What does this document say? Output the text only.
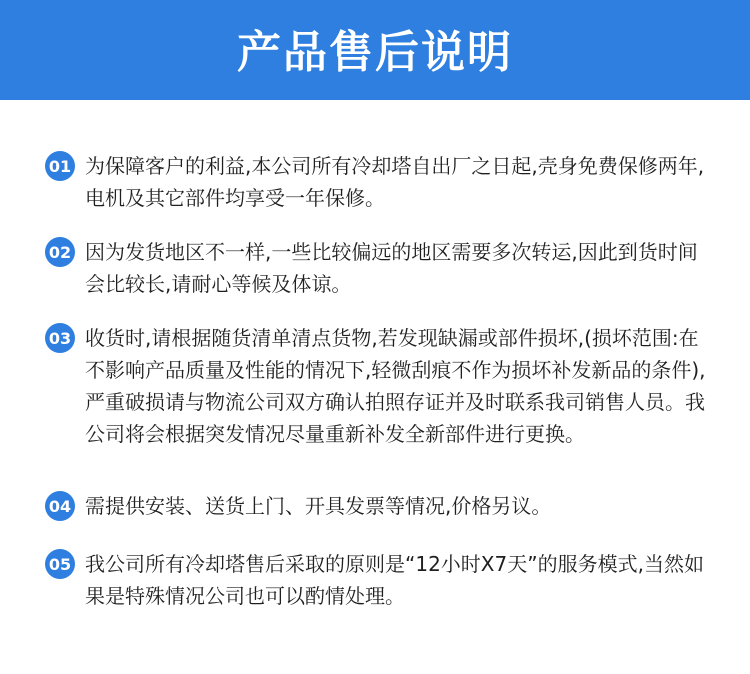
产品售后说明
01 为保障客户的利益,本公司所有冷却塔自出厂之日起,壳身免费保修两年,电机及其它部件均享受一年保修。

02 因为发货地区不一样,一些比较偏远的地区需要多次转运,因此到货时间会比较长,请耐心等候及体谅。

03 收货时,请根据随货清单清点货物,若发现缺漏或部件损坏,(损坏范围:在不影响产品质量及性能的情况下,轻微刮痕不作为损坏补发新品的条件),严重破损请与物流公司双方确认拍照存证并及时联系我司销售人员。我公司将会根据突发情况尽量重新补发全新部件进行更换。

04 需提供安装、送货上门、开具发票等情况,价格另议。

05 我公司所有冷却塔售后采取的原则是“12小时X7天”的服务模式,当然如果是特殊情况公司也可以酌情处理。
